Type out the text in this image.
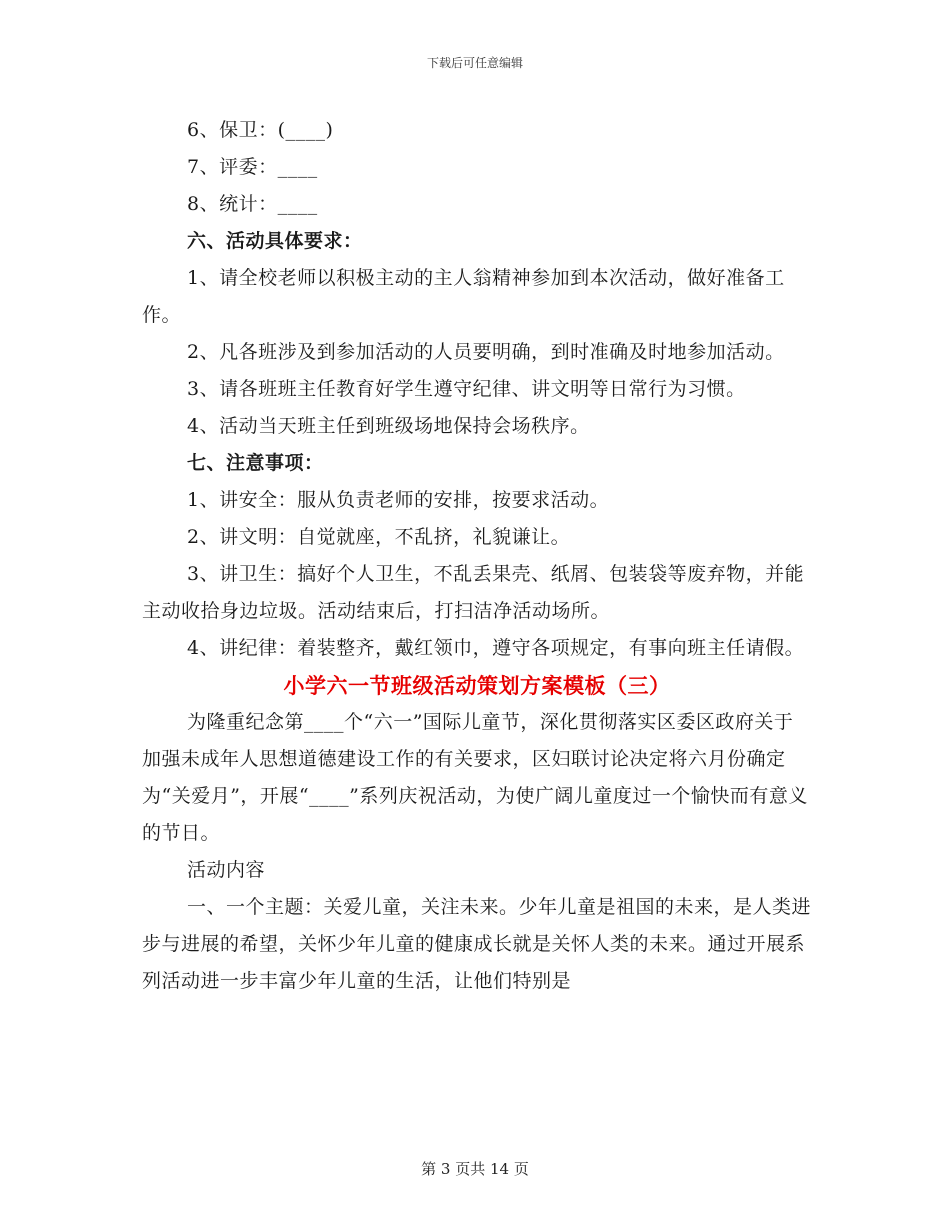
下载后可任意编辑

6、保卫：(____)

7、评委：____

8、统计：____

六、活动具体要求：

1、请全校老师以积极主动的主人翁精神参加到本次活动，做好准备工作。

2、凡各班涉及到参加活动的人员要明确，到时准确及时地参加活动。

3、请各班班主任教育好学生遵守纪律、讲文明等日常行为习惯。

4、活动当天班主任到班级场地保持会场秩序。

七、注意事项：

1、讲安全：服从负责老师的安排，按要求活动。

2、讲文明：自觉就座，不乱挤，礼貌谦让。

3、讲卫生：搞好个人卫生，不乱丢果壳、纸屑、包装袋等废弃物，并能主动收拾身边垃圾。活动结束后，打扫洁净活动场所。

4、讲纪律：着装整齐，戴红领巾，遵守各项规定，有事向班主任请假。

小学六一节班级活动策划方案模板（三）

为隆重纪念第____个“六一”国际儿童节，深化贯彻落实区委区政府关于加强未成年人思想道德建设工作的有关要求，区妇联讨论决定将六月份确定为“关爱月”，开展“____”系列庆祝活动，为使广阔儿童度过一个愉快而有意义的节日。

活动内容

一、一个主题：关爱儿童，关注未来。少年儿童是祖国的未来，是人类进步与进展的希望，关怀少年儿童的健康成长就是关怀人类的未来。通过开展系列活动进一步丰富少年儿童的生活，让他们特别是

第 3 页共 14 页
